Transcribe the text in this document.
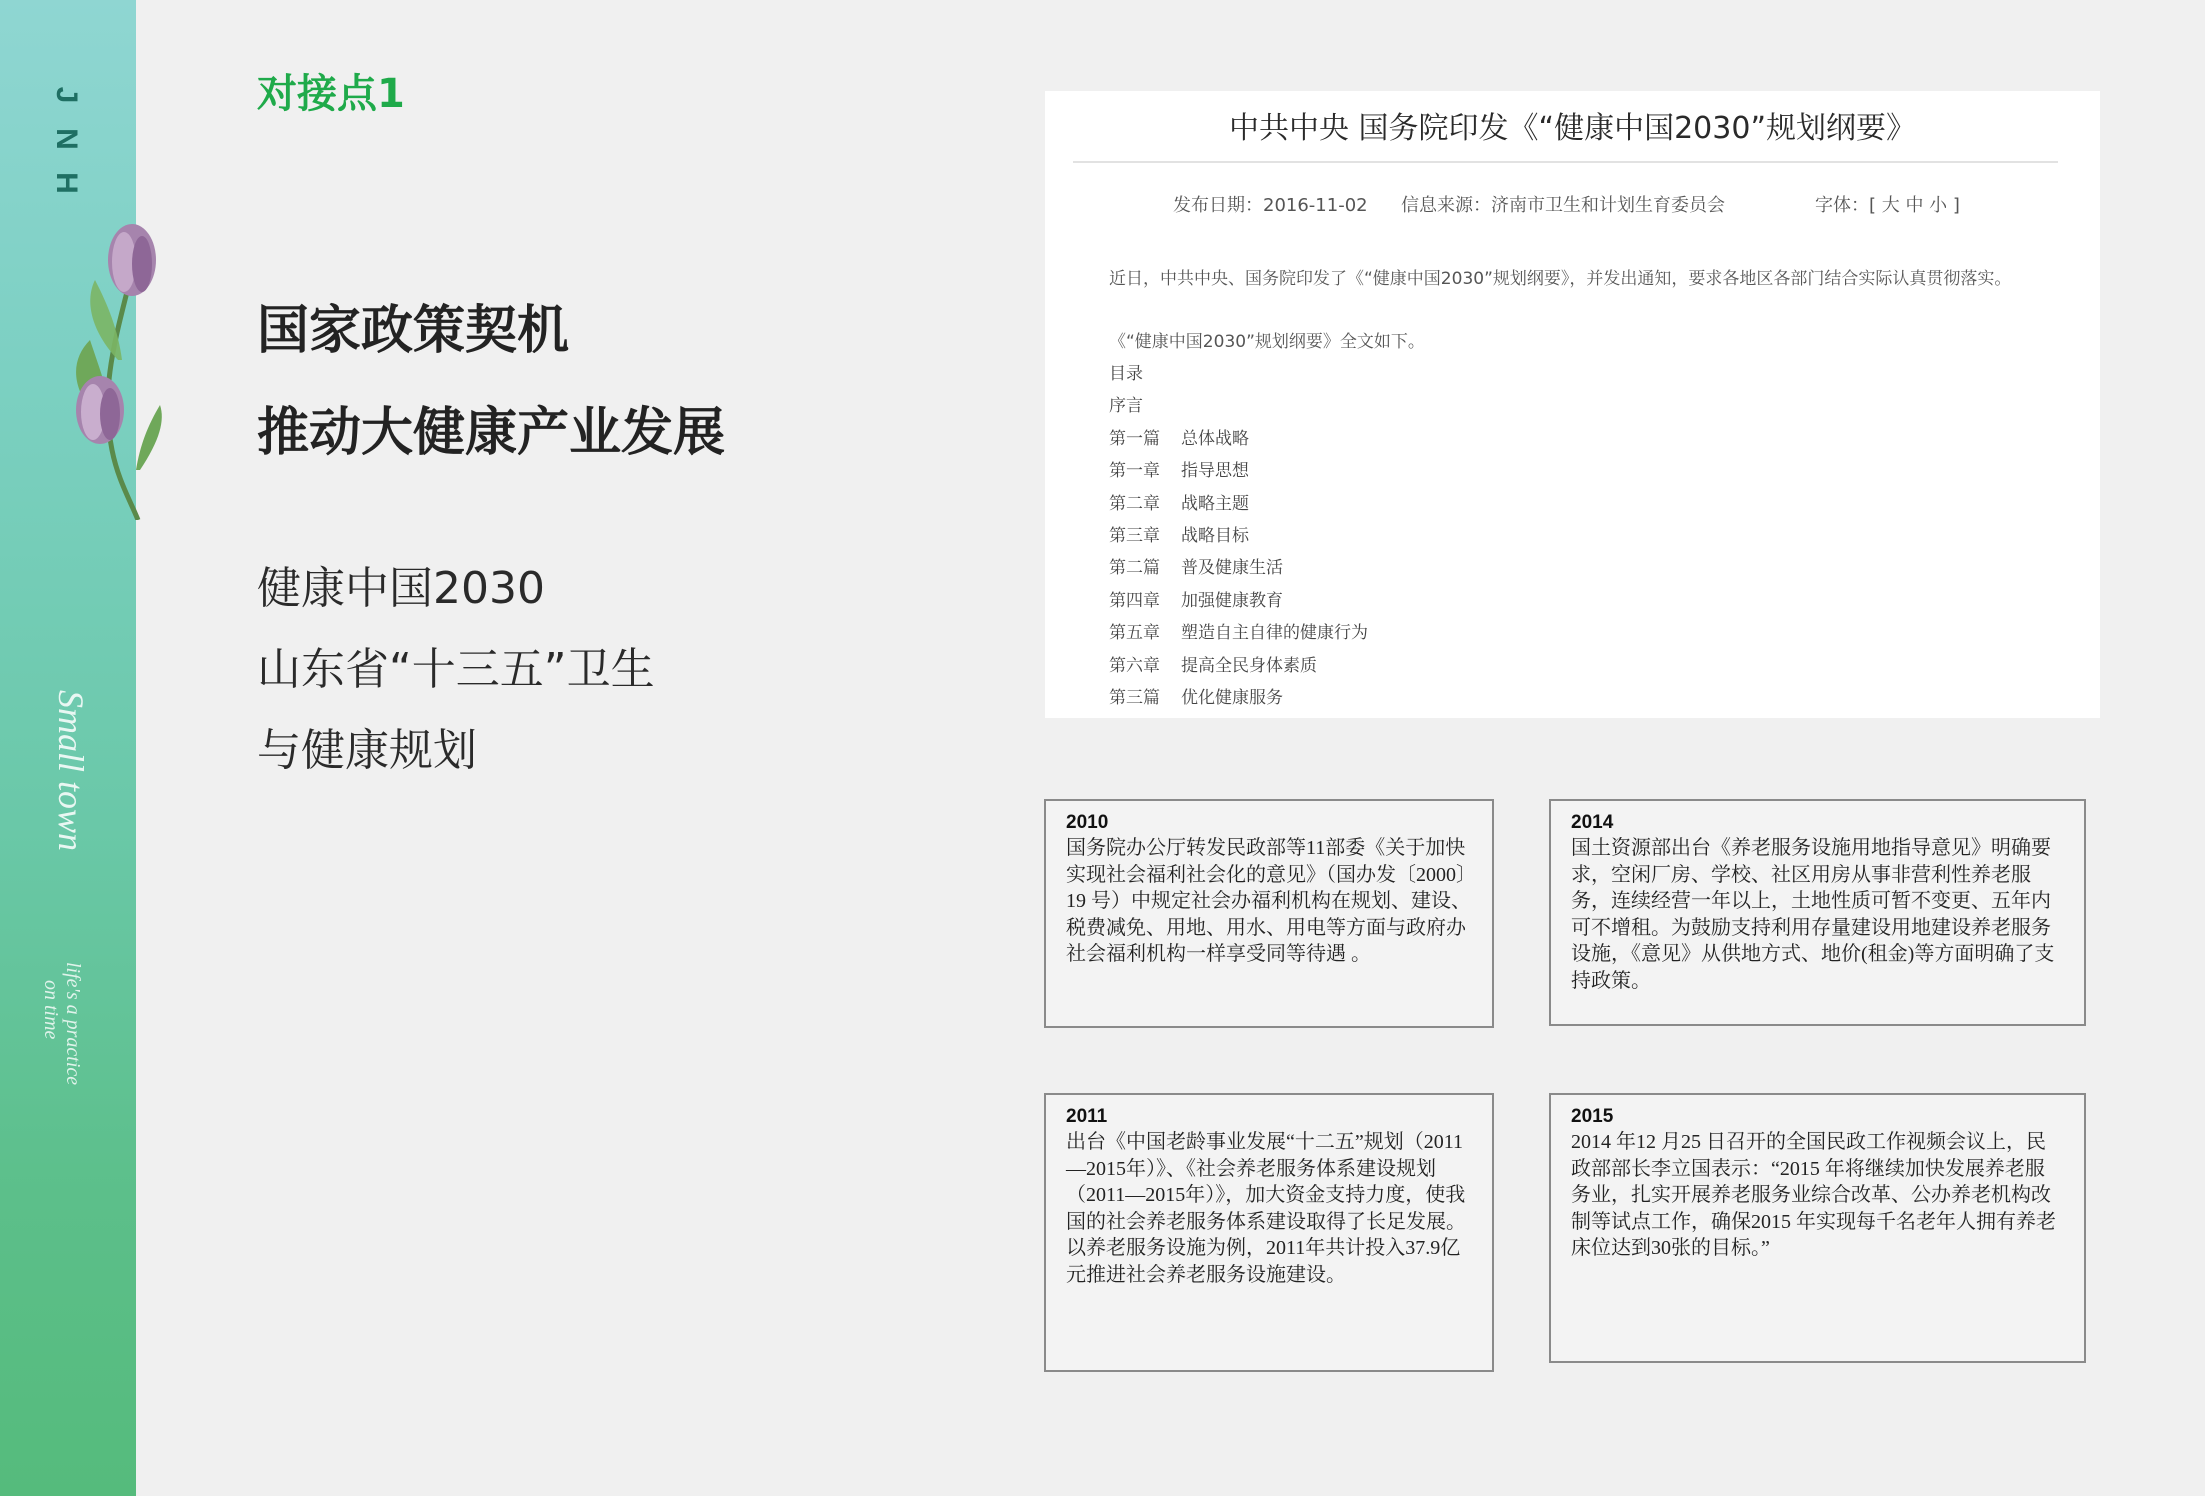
J
N
H
Small town
life's a practice
on time
对接点1
国家政策契机
推动大健康产业发展
健康中国2030
山东省“十三五”卫生
与健康规划
中共中央 国务院印发《“健康中国2030”规划纲要》
发布日期：2016-11-02 信息来源：济南市卫生和计划生育委员会	字体：[ 大 中 小 ]
近日，中共中央、国务院印发了《“健康中国2030”规划纲要》，并发出通知，要求各地区各部门结合实际认真贯彻落实。
《“健康中国2030”规划纲要》全文如下。
目录
序言
第一篇	总体战略
第一章	指导思想
第二章	战略主题
第三章	战略目标
第二篇	普及健康生活
第四章	加强健康教育
第五章	塑造自主自律的健康行为
第六章	提高全民身体素质
第三篇	优化健康服务
2010
国务院办公厅转发民政部等11部委《关于加快实现社会福利社会化的意见》（国办发〔2000〕19 号）中规定社会办福利机构在规划、建设、税费减免、用地、用水、用电等方面与政府办社会福利机构一样享受同等待遇 。
2014
国土资源部出台《养老服务设施用地指导意见》明确要求，空闲厂房、学校、社区用房从事非营利性养老服务，连续经营一年以上，土地性质可暂不变更、五年内可不增租。为鼓励支持利用存量建设用地建设养老服务设施，《意见》从供地方式、地价(租金)等方面明确了支持政策。
2011
出台《中国老龄事业发展“十二五”规划（2011—2015年）》、《社会养老服务体系建设规划（2011—2015年）》，加大资金支持力度，使我国的社会养老服务体系建设取得了长足发展。以养老服务设施为例，2011年共计投入37.9亿元推进社会养老服务设施建设。
2015
2014 年12 月25 日召开的全国民政工作视频会议上，民政部部长李立国表示：“2015 年将继续加快发展养老服务业，扎实开展养老服务业综合改革、公办养老机构改制等试点工作，确保2015 年实现每千名老年人拥有养老床位达到30张的目标。”
